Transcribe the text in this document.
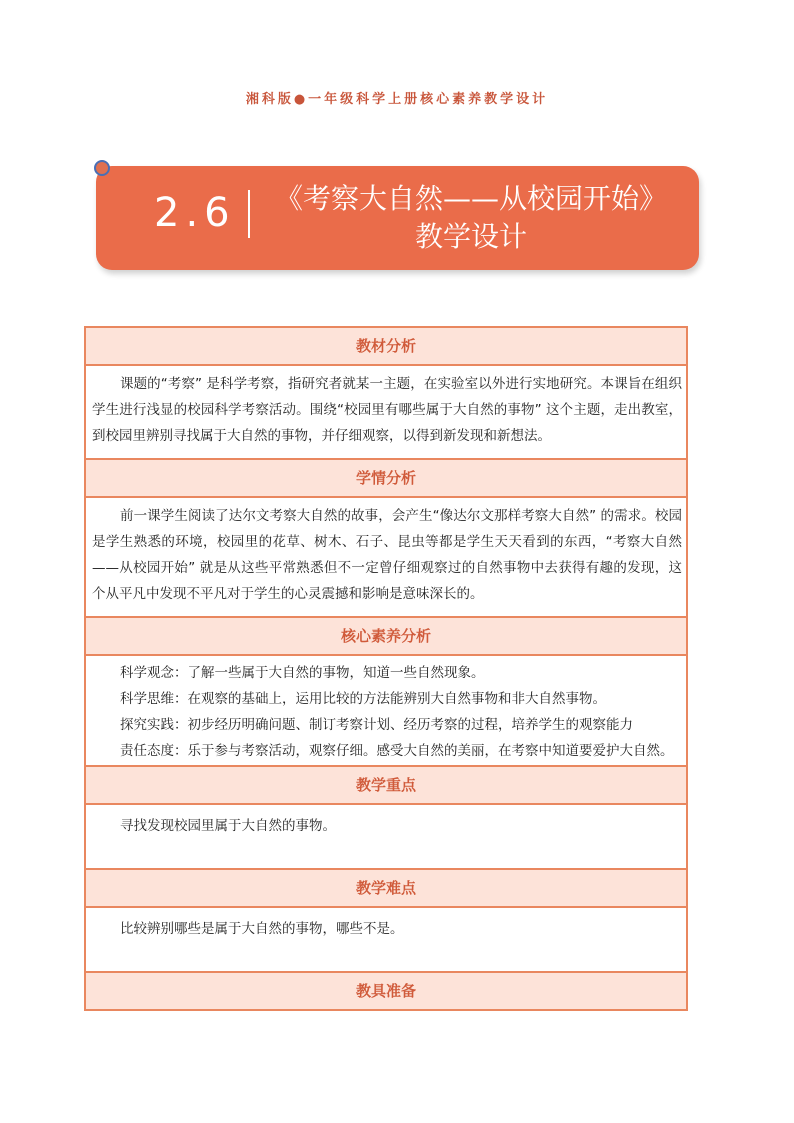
湘科版●一年级科学上册核心素养教学设计
2.6	《考察大自然——从校园开始》
教学设计
教材分析
课题的“考察” 是科学考察，指研究者就某一主题，在实验室以外进行实地研究。本课旨在组织学生进行浅显的校园科学考察活动。围绕“校园里有哪些属于大自然的事物” 这个主题，走出教室，到校园里辨别寻找属于大自然的事物，并仔细观察，以得到新发现和新想法。
学情分析
前一课学生阅读了达尔文考察大自然的故事，会产生“像达尔文那样考察大自然” 的需求。校园是学生熟悉的环境，校园里的花草、树木、石子、昆虫等都是学生天天看到的东西，“考察大自然——从校园开始” 就是从这些平常熟悉但不一定曾仔细观察过的自然事物中去获得有趣的发现，这个从平凡中发现不平凡对于学生的心灵震撼和影响是意味深长的。
核心素养分析
科学观念：了解一些属于大自然的事物，知道一些自然现象。
科学思维：在观察的基础上，运用比较的方法能辨别大自然事物和非大自然事物。
探究实践：初步经历明确问题、制订考察计划、经历考察的过程，培养学生的观察能力
责任态度：乐于参与考察活动，观察仔细。感受大自然的美丽，在考察中知道要爱护大自然。
教学重点
寻找发现校园里属于大自然的事物。
教学难点
比较辨别哪些是属于大自然的事物，哪些不是。
教具准备
